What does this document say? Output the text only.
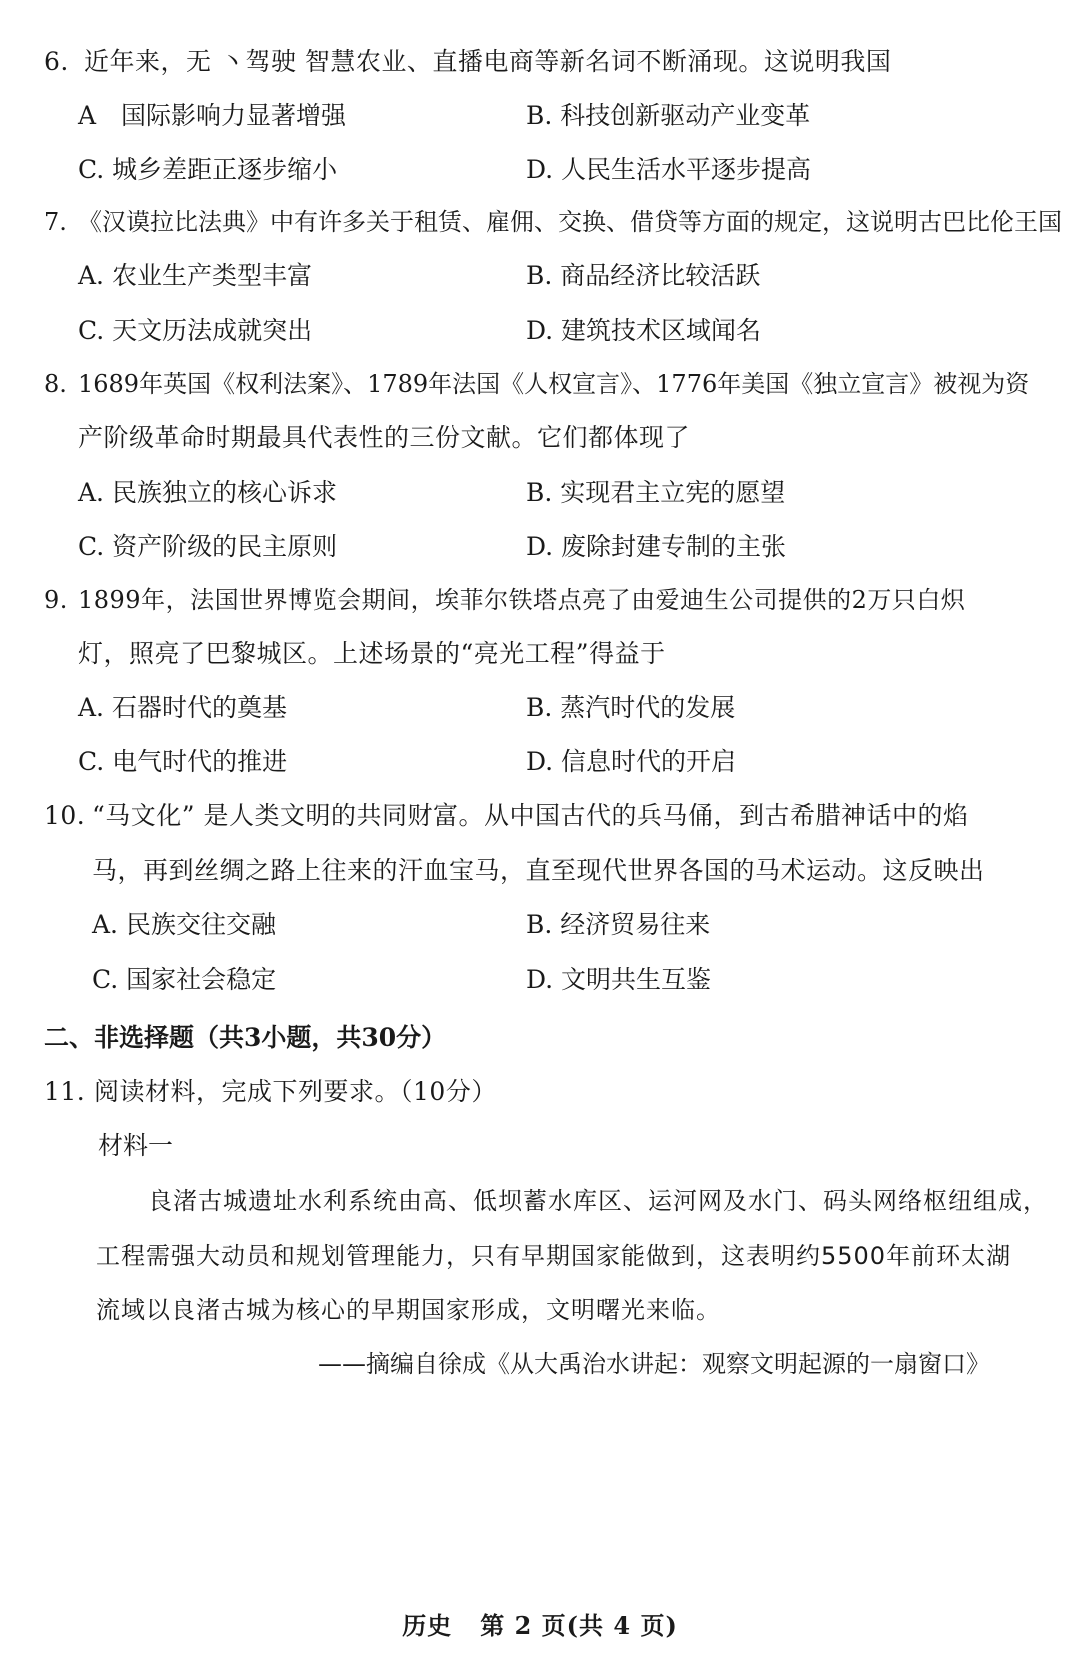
6. 近年来，无 丶驾驶 智慧农业、直播电商等新名词不断涌现。这说明我国
A　国际影响力显著增强	B. 科技创新驱动产业变革
C. 城乡差距正逐步缩小	D. 人民生活水平逐步提高
7. 《汉谟拉比法典》中有许多关于租赁、雇佣、交换、借贷等方面的规定，这说明古巴比伦王国
A. 农业生产类型丰富	B. 商品经济比较活跃
C. 天文历法成就突出	D. 建筑技术区域闻名
8. 1689年英国《权利法案》、1789年法国《人权宣言》、1776年美国《独立宣言》被视为资
产阶级革命时期最具代表性的三份文献。它们都体现了
A. 民族独立的核心诉求	B. 实现君主立宪的愿望
C. 资产阶级的民主原则	D. 废除封建专制的主张
9. 1899年，法国世界博览会期间，埃菲尔铁塔点亮了由爱迪生公司提供的2万只白炽
灯，照亮了巴黎城区。上述场景的“亮光工程”得益于
A. 石器时代的奠基	B. 蒸汽时代的发展
C. 电气时代的推进	D. 信息时代的开启
10. “马文化” 是人类文明的共同财富。从中国古代的兵马俑，到古希腊神话中的焰
马，再到丝绸之路上往来的汗血宝马，直至现代世界各国的马术运动。这反映出
A. 民族交往交融	B. 经济贸易往来
C. 国家社会稳定	D. 文明共生互鉴
二、非选择题（共3小题，共30分）
11. 阅读材料，完成下列要求。（10分）
材料一
良渚古城遗址水利系统由高、低坝蓄水库区、运河网及水门、码头网络枢纽组成，
工程需强大动员和规划管理能力，只有早期国家能做到，这表明约5500年前环太湖
流域以良渚古城为核心的早期国家形成，文明曙光来临。
——摘编自徐成《从大禹治水讲起：观察文明起源的一扇窗口》
历史 第 2 页(共 4 页)
